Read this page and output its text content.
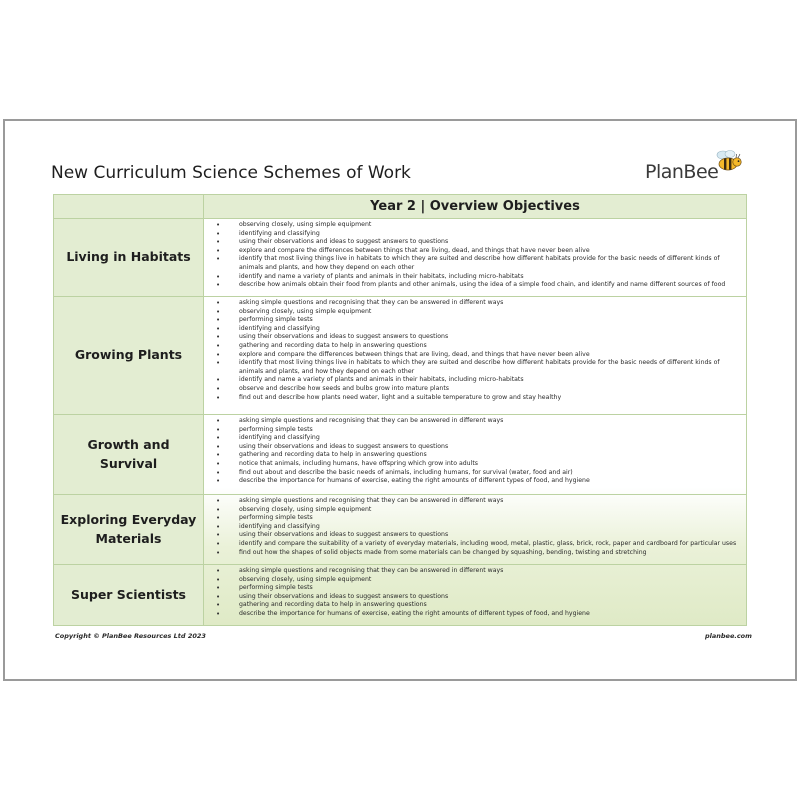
New Curriculum Science Schemes of Work	PlanBee
Year 2 | Overview Objectives
Living in Habitats
• observing closely, using simple equipment
• identifying and classifying
• using their observations and ideas to suggest answers to questions
• explore and compare the differences between things that are living, dead, and things that have never been alive
• identify that most living things live in habitats to which they are suited and describe how different habitats provide for the basic needs of different kinds of animals and plants, and how they depend on each other
• identify and name a variety of plants and animals in their habitats, including micro-habitats
• describe how animals obtain their food from plants and other animals, using the idea of a simple food chain, and identify and name different sources of food
Growing Plants
• asking simple questions and recognising that they can be answered in different ways
• observing closely, using simple equipment
• performing simple tests
• identifying and classifying
• using their observations and ideas to suggest answers to questions
• gathering and recording data to help in answering questions
• explore and compare the differences between things that are living, dead, and things that have never been alive
• identify that most living things live in habitats to which they are suited and describe how different habitats provide for the basic needs of different kinds of animals and plants, and how they depend on each other
• identify and name a variety of plants and animals in their habitats, including micro-habitats
• observe and describe how seeds and bulbs grow into mature plants
• find out and describe how plants need water, light and a suitable temperature to grow and stay healthy
Growth and Survival
• asking simple questions and recognising that they can be answered in different ways
• performing simple tests
• identifying and classifying
• using their observations and ideas to suggest answers to questions
• gathering and recording data to help in answering questions
• notice that animals, including humans, have offspring which grow into adults
• find out about and describe the basic needs of animals, including humans, for survival (water, food and air)
• describe the importance for humans of exercise, eating the right amounts of different types of food, and hygiene
Exploring Everyday Materials
• asking simple questions and recognising that they can be answered in different ways
• observing closely, using simple equipment
• performing simple tests
• identifying and classifying
• using their observations and ideas to suggest answers to questions
• identify and compare the suitability of a variety of everyday materials, including wood, metal, plastic, glass, brick, rock, paper and cardboard for particular uses
• find out how the shapes of solid objects made from some materials can be changed by squashing, bending, twisting and stretching
Super Scientists
• asking simple questions and recognising that they can be answered in different ways
• observing closely, using simple equipment
• performing simple tests
• using their observations and ideas to suggest answers to questions
• gathering and recording data to help in answering questions
• describe the importance for humans of exercise, eating the right amounts of different types of food, and hygiene
Copyright © PlanBee Resources Ltd 2023	planbee.com
